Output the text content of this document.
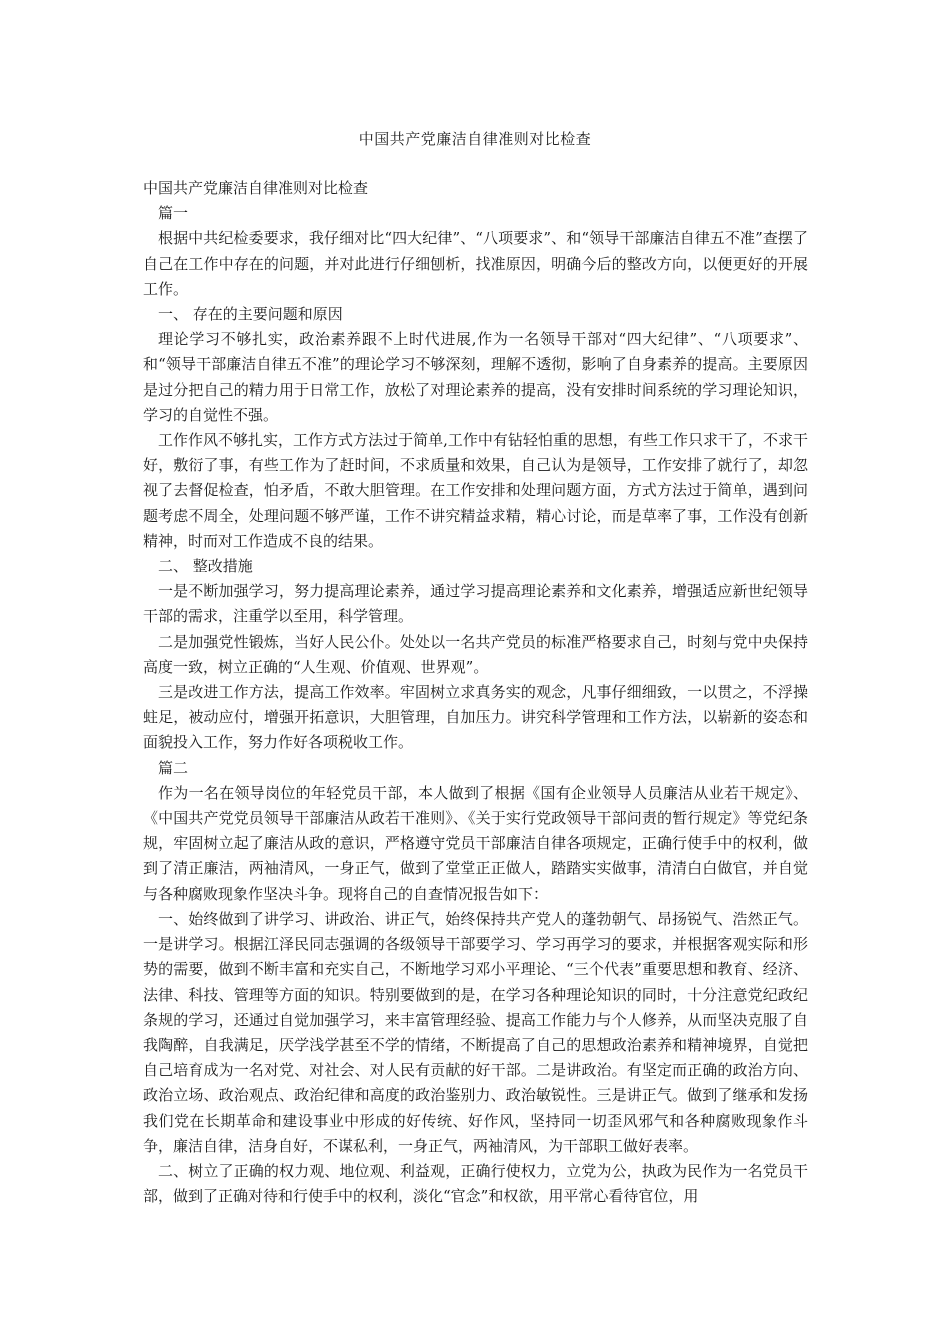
中国共产党廉洁自律准则对比检查

中国共产党廉洁自律准则对比检查

篇一

根据中共纪检委要求，我仔细对比“四大纪律”、“八项要求”、和“领导干部廉洁自律五不准”查摆了自己在工作中存在的问题，并对此进行仔细刨析，找准原因，明确今后的整改方向，以便更好的开展工作。

一、 存在的主要问题和原因

理论学习不够扎实，政治素养跟不上时代进展,作为一名领导干部对“四大纪律”、“八项要求”、和“领导干部廉洁自律五不准”的理论学习不够深刻，理解不透彻，影响了自身素养的提高。主要原因是过分把自己的精力用于日常工作，放松了对理论素养的提高，没有安排时间系统的学习理论知识，学习的自觉性不强。

工作作风不够扎实，工作方式方法过于简单,工作中有钻轻怕重的思想，有些工作只求干了，不求干好，敷衍了事，有些工作为了赶时间，不求质量和效果，自己认为是领导，工作安排了就行了，却忽视了去督促检查，怕矛盾，不敢大胆管理。在工作安排和处理问题方面，方式方法过于简单，遇到问题考虑不周全，处理问题不够严谨，工作不讲究精益求精，精心讨论，而是草率了事，工作没有创新精神，时而对工作造成不良的结果。

二、 整改措施

一是不断加强学习，努力提高理论素养，通过学习提高理论素养和文化素养，增强适应新世纪领导干部的需求，注重学以至用，科学管理。

二是加强党性锻炼，当好人民公仆。处处以一名共产党员的标准严格要求自己，时刻与党中央保持高度一致，树立正确的“人生观、价值观、世界观”。

三是改进工作方法，提高工作效率。牢固树立求真务实的观念，凡事仔细细致，一以贯之，不浮操蛀足，被动应付，增强开拓意识，大胆管理，自加压力。讲究科学管理和工作方法，以崭新的姿态和面貌投入工作，努力作好各项税收工作。

篇二

作为一名在领导岗位的年轻党员干部，本人做到了根据《国有企业领导人员廉洁从业若干规定》、《中国共产党党员领导干部廉洁从政若干准则》、《关于实行党政领导干部问责的暂行规定》等党纪条规，牢固树立起了廉洁从政的意识，严格遵守党员干部廉洁自律各项规定，正确行使手中的权利，做到了清正廉洁，两袖清风，一身正气，做到了堂堂正正做人，踏踏实实做事，清清白白做官，并自觉与各种腐败现象作坚决斗争。现将自己的自查情况报告如下：

一、始终做到了讲学习、讲政治、讲正气，始终保持共产党人的蓬勃朝气、昂扬锐气、浩然正气。一是讲学习。根据江泽民同志强调的各级领导干部要学习、学习再学习的要求，并根据客观实际和形势的需要，做到不断丰富和充实自己，不断地学习邓小平理论、“三个代表”重要思想和教育、经济、法律、科技、管理等方面的知识。特别要做到的是，在学习各种理论知识的同时，十分注意党纪政纪条规的学习，还通过自觉加强学习，来丰富管理经验、提高工作能力与个人修养，从而坚决克服了自我陶醉，自我满足，厌学浅学甚至不学的情绪，不断提高了自己的思想政治素养和精神境界，自觉把自己培育成为一名对党、对社会、对人民有贡献的好干部。二是讲政治。有坚定而正确的政治方向、政治立场、政治观点、政治纪律和高度的政治鉴别力、政治敏锐性。三是讲正气。做到了继承和发扬我们党在长期革命和建设事业中形成的好传统、好作风，坚持同一切歪风邪气和各种腐败现象作斗争，廉洁自律，洁身自好，不谋私利，一身正气，两袖清风，为干部职工做好表率。

二、树立了正确的权力观、地位观、利益观，正确行使权力，立党为公，执政为民作为一名党员干部，做到了正确对待和行使手中的权利，淡化“官念”和权欲，用平常心看待官位，用
